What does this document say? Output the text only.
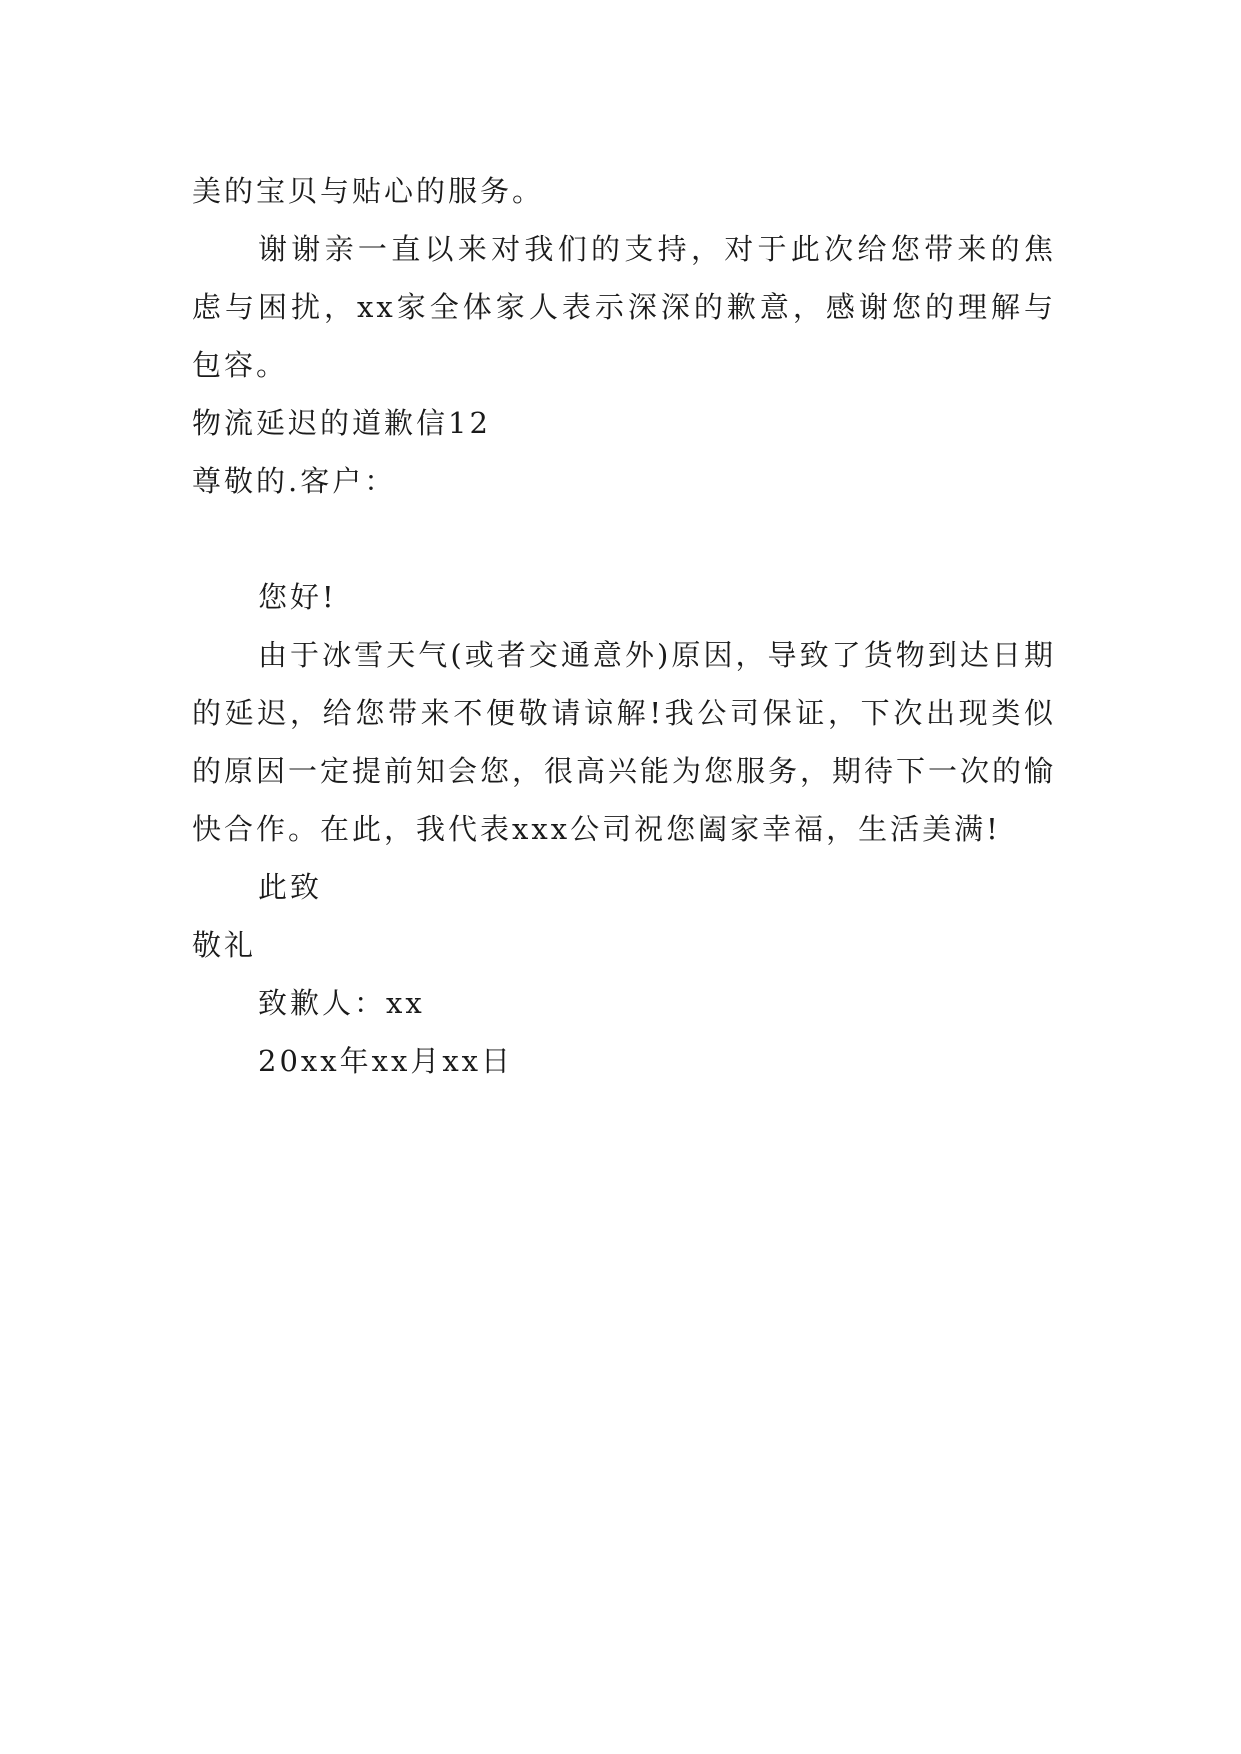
美的宝贝与贴心的服务。

谢谢亲一直以来对我们的支持，对于此次给您带来的焦虑与困扰，xx家全体家人表示深深的歉意，感谢您的理解与包容。

物流延迟的道歉信12

尊敬的.客户：

您好!

由于冰雪天气(或者交通意外)原因，导致了货物到达日期的延迟，给您带来不便敬请谅解!我公司保证，下次出现类似的原因一定提前知会您，很高兴能为您服务，期待下一次的愉快合作。在此，我代表xxx公司祝您阖家幸福，生活美满!

此致

敬礼

致歉人：xx

20xx年xx月xx日
